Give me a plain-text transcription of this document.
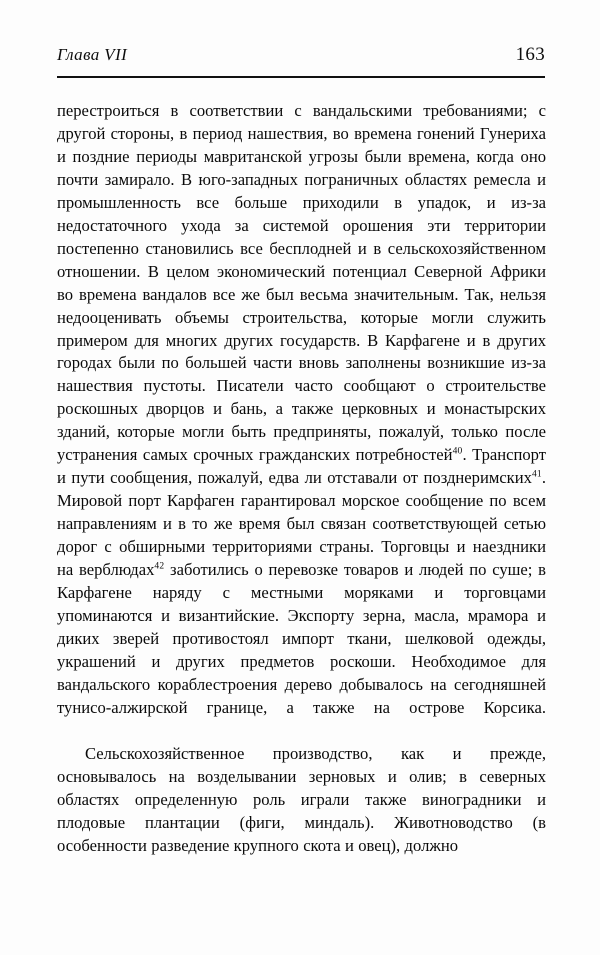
Глава VII	163

перестроиться в соответствии с вандальскими требованиями; с другой стороны, в период нашествия, во времена гонений Гунериха и поздние периоды мавританской угрозы были времена, когда оно почти замирало. В юго-западных пограничных областях ремесла и промышленность все больше приходили в упадок, и из-за недостаточного ухода за системой орошения эти территории постепенно становились все бесплодней и в сельскохозяйственном отношении. В целом экономический потенциал Северной Африки во времена вандалов все же был весьма значительным. Так, нельзя недооценивать объемы строительства, которые могли служить примером для многих других государств. В Карфагене и в других городах были по большей части вновь заполнены возникшие из-за нашествия пустоты. Писатели часто сообщают о строительстве роскошных дворцов и бань, а также церковных и монастырских зданий, которые могли быть предприняты, пожалуй, только после устранения самых срочных гражданских потребностей$^{40}$. Транспорт и пути сообщения, пожалуй, едва ли отставали от позднеримских$^{41}$. Мировой порт Карфаген гарантировал морское сообщение по всем направлениям и в то же время был связан соответствующей сетью дорог с обширными территориями страны. Торговцы и наездники на верблюдах$^{42}$ заботились о перевозке товаров и людей по суше; в Карфагене наряду с местными моряками и торговцами упоминаются и византийские. Экспорту зерна, масла, мрамора и диких зверей противостоял импорт ткани, шелковой одежды, украшений и других предметов роскоши. Необходимое для вандальского кораблестроения дерево добывалось на сегодняшней тунисо-алжирской границе, а также на острове Корсика.

Сельскохозяйственное производство, как и прежде, основывалось на возделывании зерновых и олив; в северных областях определенную роль играли также виноградники и плодовые плантации (фиги, миндаль). Животноводство (в особенности разведение крупного скота и овец), должно
